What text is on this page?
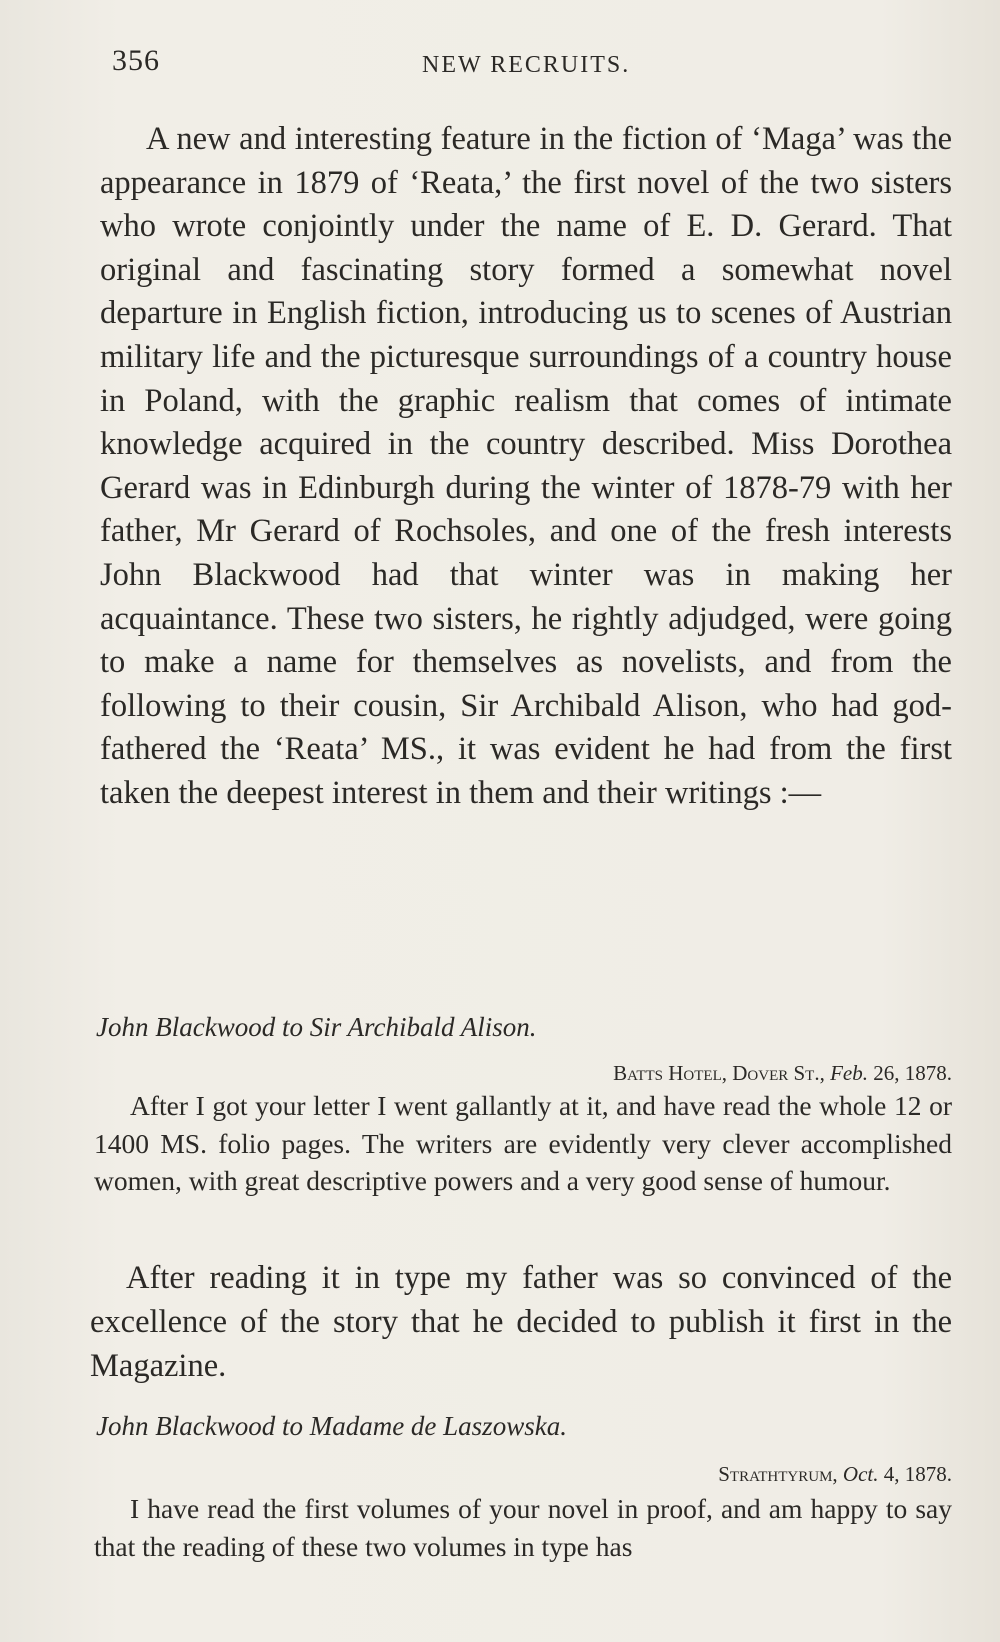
356	NEW RECRUITS.

A new and interesting feature in the fiction of ‘Maga’ was the appearance in 1879 of ‘Reata,’ the first novel of the two sisters who wrote conjointly under the name of E. D. Gerard. That original and fascinating story formed a somewhat novel departure in English fiction, introducing us to scenes of Austrian military life and the picturesque surroundings of a country house in Poland, with the graphic realism that comes of intimate knowledge acquired in the country described. Miss Dorothea Gerard was in Edinburgh during the winter of 1878-79 with her father, Mr Gerard of Rochsoles, and one of the fresh interests John Blackwood had that winter was in making her acquaintance. These two sisters, he rightly adjudged, were going to make a name for themselves as novelists, and from the following to their cousin, Sir Archibald Alison, who had god-fathered the ‘Reata’ MS., it was evident he had from the first taken the deepest interest in them and their writings :—

John Blackwood to Sir Archibald Alison.
Batts Hotel, Dover St., Feb. 26, 1878.

After I got your letter I went gallantly at it, and have read the whole 12 or 1400 MS. folio pages. The writers are evidently very clever accomplished women, with great descriptive powers and a very good sense of humour.

After reading it in type my father was so convinced of the excellence of the story that he decided to publish it first in the Magazine.

John Blackwood to Madame de Laszowska.
Strathtyrum, Oct. 4, 1878.

I have read the first volumes of your novel in proof, and am happy to say that the reading of these two volumes in type has
